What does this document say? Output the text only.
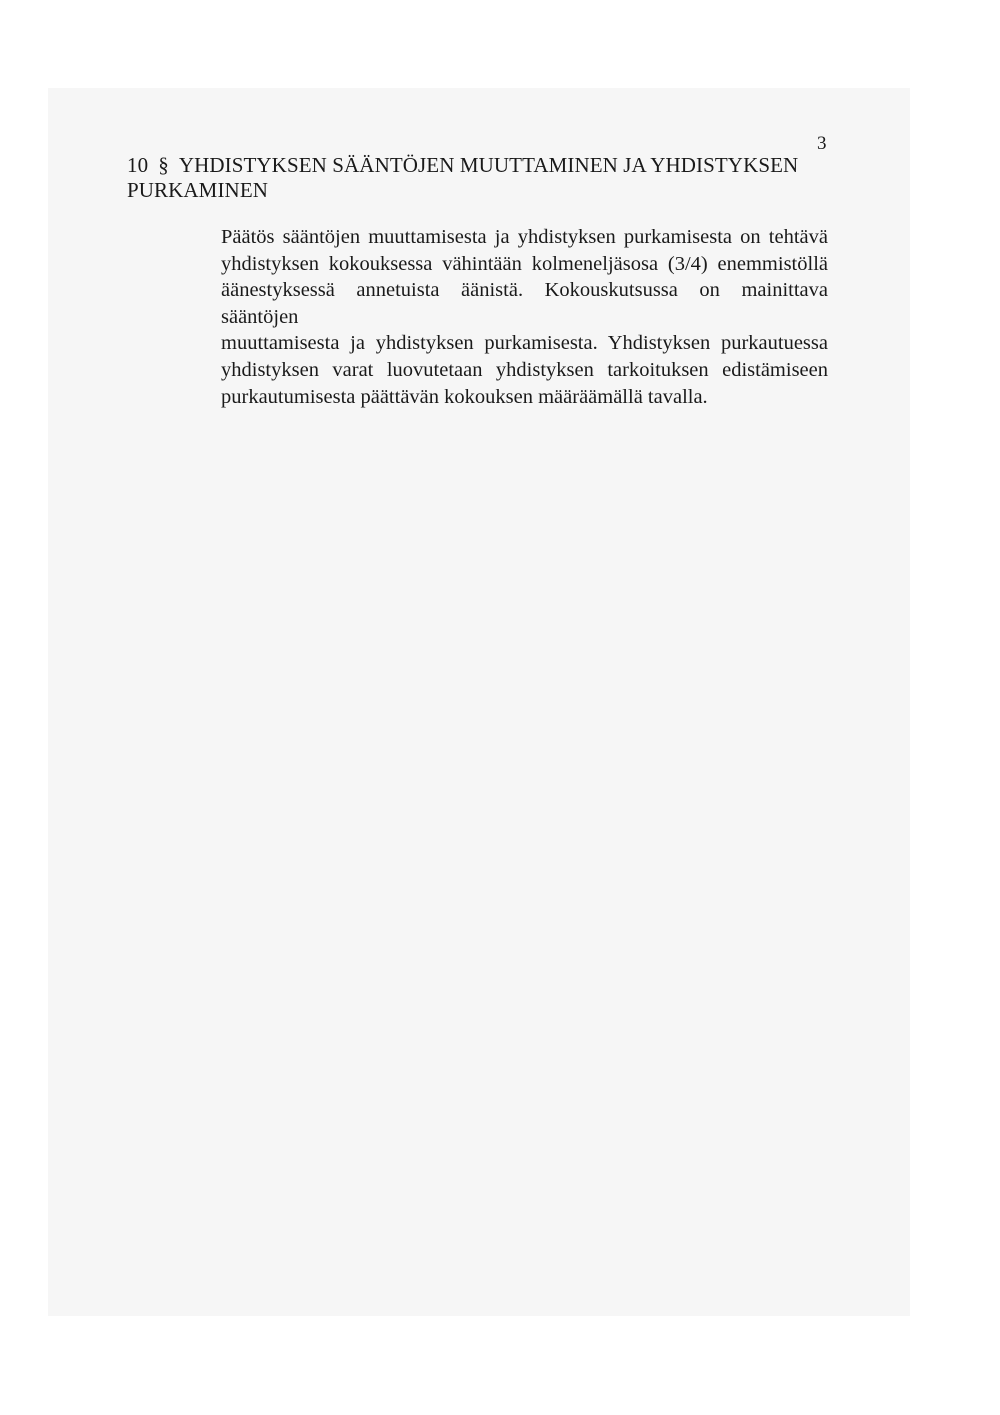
3

10 § YHDISTYKSEN SÄÄNTÖJEN MUUTTAMINEN JA YHDISTYKSEN
PURKAMINEN
Päätös sääntöjen muuttamisesta ja yhdistyksen purkamisesta on tehtävä
yhdistyksen kokouksessa vähintään kolmeneljäsosa (3/4) enemmistöllä
äänestyksessä annetuista äänistä. Kokouskutsussa on mainittava sääntöjen
muuttamisesta ja yhdistyksen purkamisesta. Yhdistyksen purkautuessa
yhdistyksen varat luovutetaan yhdistyksen tarkoituksen edistämiseen
purkautumisesta päättävän kokouksen määräämällä tavalla.
